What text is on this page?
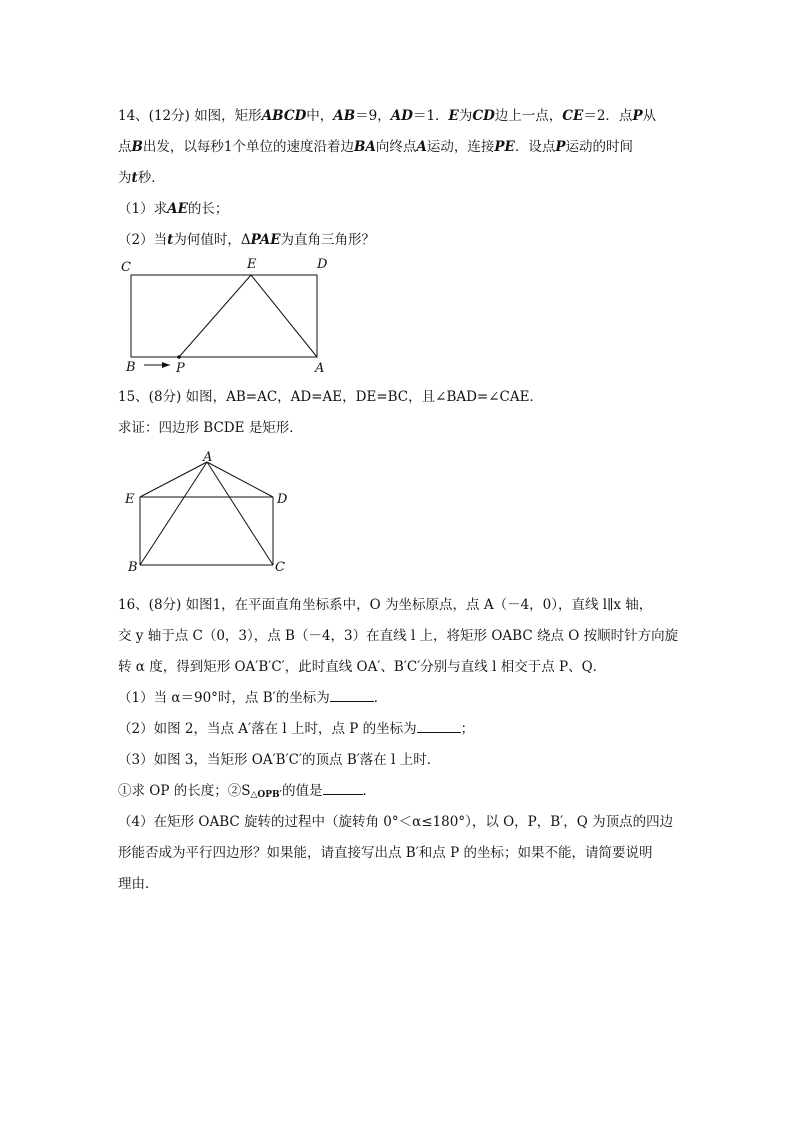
14、(12分) 如图，矩形ABCD中，AB＝9，AD＝1．E为CD边上一点，CE＝2．点P从
点B出发，以每秒1个单位的速度沿着边BA向终点A运动，连接PE．设点P运动的时间
为t秒．
（1）求AE的长；
（2）当t为何值时，ΔPAE为直角三角形？
C	E	D
B	P	A
15、(8分) 如图，AB=AC，AD=AE，DE=BC，且∠BAD=∠CAE．
求证：四边形 BCDE 是矩形．
A
E	D
B	C
16、(8分) 如图1，在平面直角坐标系中，O 为坐标原点，点 A（－4，0），直线 l∥x 轴，
交 y 轴于点 C（0，3），点 B（－4，3）在直线 l 上，将矩形 OABC 绕点 O 按顺时针方向旋
转 α 度，得到矩形 OA′B′C′，此时直线 OA′、B′C′分别与直线 l 相交于点 P、Q．
（1）当 α＝90°时，点 B′的坐标为	．
（2）如图 2，当点 A′落在 l 上时，点 P 的坐标为	；
（3）如图 3，当矩形 OA′B′C′的顶点 B′落在 l 上时．
①求 OP 的长度；$②S_{\triangle OPB'}$的值是	．
（4）在矩形 OABC 旋转的过程中（旋转角 0°＜α≤180°），以 O，P，B′，Q 为顶点的四边
形能否成为平行四边形？如果能，请直接写出点 B′和点 P 的坐标；如果不能，请简要说明
理由．
